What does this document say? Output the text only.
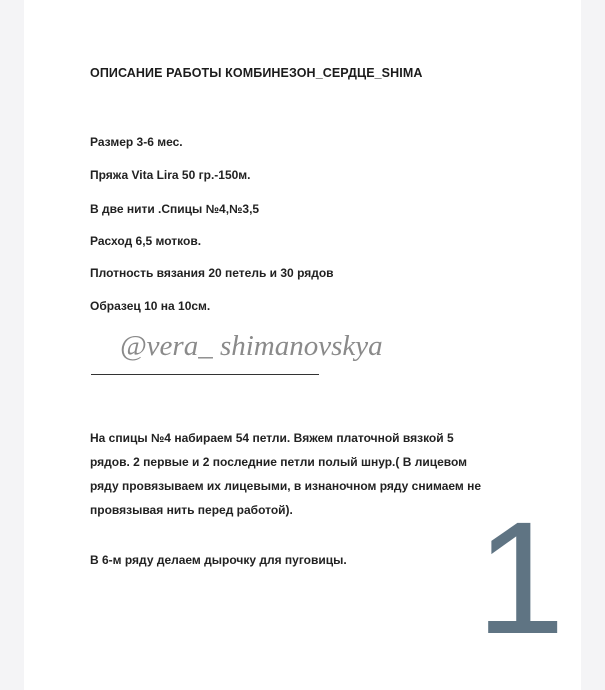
ОПИСАНИЕ РАБОТЫ КОМБИНЕЗОН_СЕРДЦЕ_SHIMA
Размер 3-6 мес.
Пряжа Vita Lira 50 гр.-150м.
В две нити .Спицы №4,№3,5
Расход 6,5 мотков.
Плотность вязания 20 петель и 30 рядов
Образец 10 на 10см.
@vera_ shimanovskya
На спицы №4 набираем 54 петли. Вяжем платочной вязкой 5 рядов. 2 первые и 2 последние петли полый шнур.( В лицевом ряду провязываем их лицевыми, в изнаночном ряду снимаем не провязывая нить перед работой).
В 6-м ряду делаем дырочку для пуговицы. 1
